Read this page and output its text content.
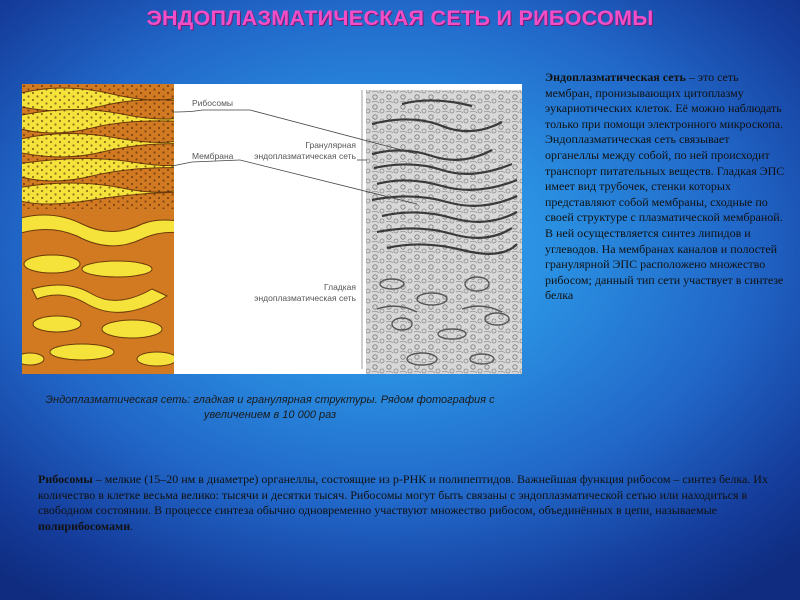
ЭНДОПЛАЗМАТИЧЕСКАЯ СЕТЬ И РИБОСОМЫ
Рибосомы
Мембрана
Гранулярная эндоплазматическая сеть
Гладкая эндоплазматическая сеть
Эндоплазматическая сеть: гладкая и гранулярная структуры. Рядом фотография с увеличением в 10 000 раз
Эндоплазматическая сеть – это сеть мембран, пронизывающих цитоплазму эукариотических клеток. Её можно наблюдать только при помощи электронного микроскопа. Эндоплазматическая сеть связывает органеллы между собой, по ней происходит транспорт питательных веществ. Гладкая ЭПС имеет вид трубочек, стенки которых представляют собой мембраны, сходные по своей структуре с плазматической мембраной. В ней осуществляется синтез липидов и углеводов. На мембранах каналов и полостей гранулярной ЭПС расположено множество рибосом; данный тип сети участвует в синтезе белка
Рибосомы – мелкие (15–20 нм в диаметре) органеллы, состоящие из р-РНК и полипептидов. Важнейшая функция рибосом – синтез белка. Их количество в клетке весьма велико: тысячи и десятки тысяч. Рибосомы могут быть связаны с эндоплазматической сетью или находиться в свободном состоянии. В процессе синтеза обычно одновременно участвуют множество рибосом, объединённых в цепи, называемые полирибосомами.
